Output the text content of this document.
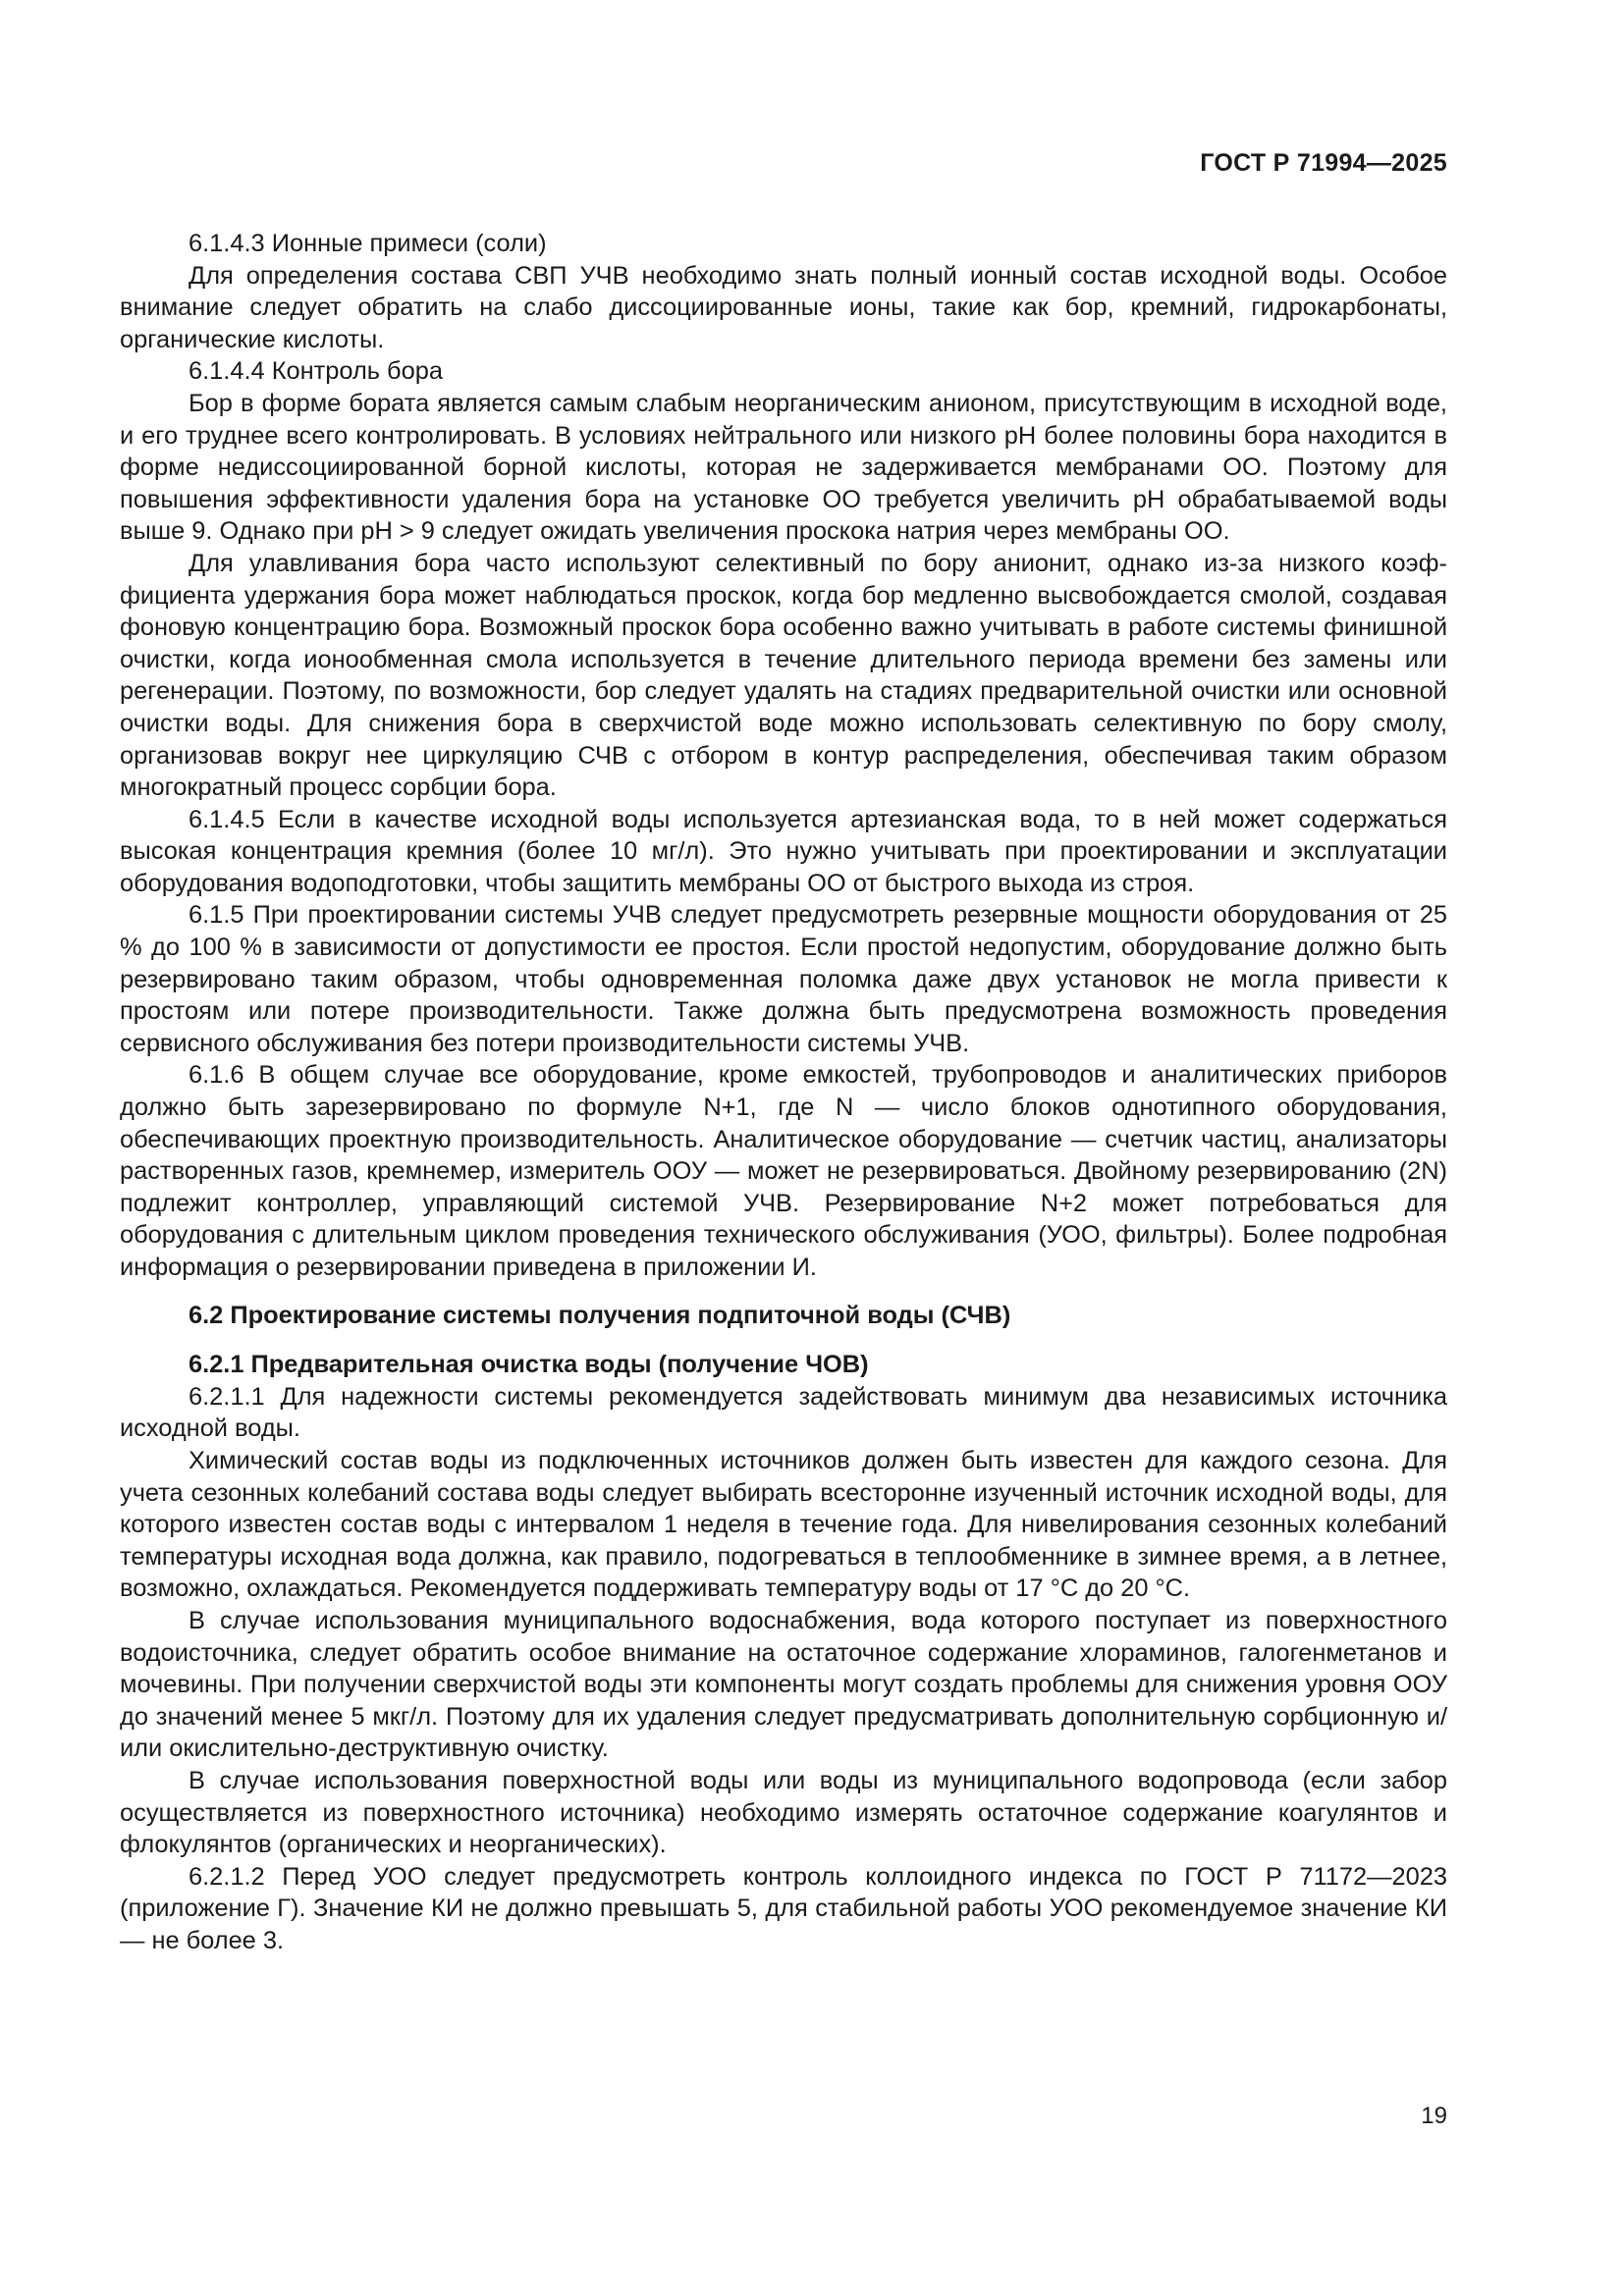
ГОСТ Р 71994—2025

6.1.4.3 Ионные примеси (соли)

Для определения состава СВП УЧВ необходимо знать полный ионный состав исходной воды. Особое внимание следует обратить на слабо диссоциированные ионы, такие как бор, кремний, гидрокарбонаты, органические кислоты.

6.1.4.4 Контроль бора

Бор в форме бората является самым слабым неорганическим анионом, присутствующим в исходной воде, и его труднее всего контролировать. В условиях нейтрального или низкого pH более половины бора находится в форме недиссоциированной борной кислоты, которая не задерживается мембранами ОО. Поэтому для повышения эффективности удаления бора на установке ОО требуется увеличить pH обрабатываемой воды выше 9. Однако при pH > 9 следует ожидать увеличения проскока натрия через мембраны ОО.

Для улавливания бора часто используют селективный по бору анионит, однако из-за низкого коэффициента удержания бора может наблюдаться проскок, когда бор медленно высвобождается смолой, создавая фоновую концентрацию бора. Возможный проскок бора особенно важно учитывать в работе системы финишной очистки, когда ионообменная смола используется в течение длительного периода времени без замены или регенерации. Поэтому, по возможности, бор следует удалять на стадиях предварительной очистки или основной очистки воды. Для снижения бора в сверхчистой воде можно использовать селективную по бору смолу, организовав вокруг нее циркуляцию СЧВ с отбором в контур распределения, обеспечивая таким образом многократный процесс сорбции бора.

6.1.4.5 Если в качестве исходной воды используется артезианская вода, то в ней может содержаться высокая концентрация кремния (более 10 мг/л). Это нужно учитывать при проектировании и эксплуатации оборудования водоподготовки, чтобы защитить мембраны ОО от быстрого выхода из строя.

6.1.5 При проектировании системы УЧВ следует предусмотреть резервные мощности оборудования от 25 % до 100 % в зависимости от допустимости ее простоя. Если простой недопустим, оборудование должно быть резервировано таким образом, чтобы одновременная поломка даже двух установок не могла привести к простоям или потере производительности. Также должна быть предусмотрена возможность проведения сервисного обслуживания без потери производительности системы УЧВ.

6.1.6 В общем случае все оборудование, кроме емкостей, трубопроводов и аналитических приборов должно быть зарезервировано по формуле N+1, где N — число блоков однотипного оборудования, обеспечивающих проектную производительность. Аналитическое оборудование — счетчик частиц, анализаторы растворенных газов, кремнемер, измеритель ООУ — может не резервироваться. Двойному резервированию (2N) подлежит контроллер, управляющий системой УЧВ. Резервирование N+2 может потребоваться для оборудования с длительным циклом проведения технического обслуживания (УОО, фильтры). Более подробная информация о резервировании приведена в приложении И.

6.2 Проектирование системы получения подпиточной воды (СЧВ)

6.2.1 Предварительная очистка воды (получение ЧОВ)

6.2.1.1 Для надежности системы рекомендуется задействовать минимум два независимых источника исходной воды.

Химический состав воды из подключенных источников должен быть известен для каждого сезона. Для учета сезонных колебаний состава воды следует выбирать всесторонне изученный источник исходной воды, для которого известен состав воды с интервалом 1 неделя в течение года. Для нивелирования сезонных колебаний температуры исходная вода должна, как правило, подогреваться в теплообменнике в зимнее время, а в летнее, возможно, охлаждаться. Рекомендуется поддерживать температуру воды от 17 °С до 20 °С.

В случае использования муниципального водоснабжения, вода которого поступает из поверхностного водоисточника, следует обратить особое внимание на остаточное содержание хлораминов, галогенметанов и мочевины. При получении сверхчистой воды эти компоненты могут создать проблемы для снижения уровня ООУ до значений менее 5 мкг/л. Поэтому для их удаления следует предусматривать дополнительную сорбционную и/или окислительно-деструктивную очистку.

В случае использования поверхностной воды или воды из муниципального водопровода (если забор осуществляется из поверхностного источника) необходимо измерять остаточное содержание коагулянтов и флокулянтов (органических и неорганических).

6.2.1.2 Перед УОО следует предусмотреть контроль коллоидного индекса по ГОСТ Р 71172—2023 (приложение Г). Значение КИ не должно превышать 5, для стабильной работы УОО рекомендуемое значение КИ — не более 3.

19
